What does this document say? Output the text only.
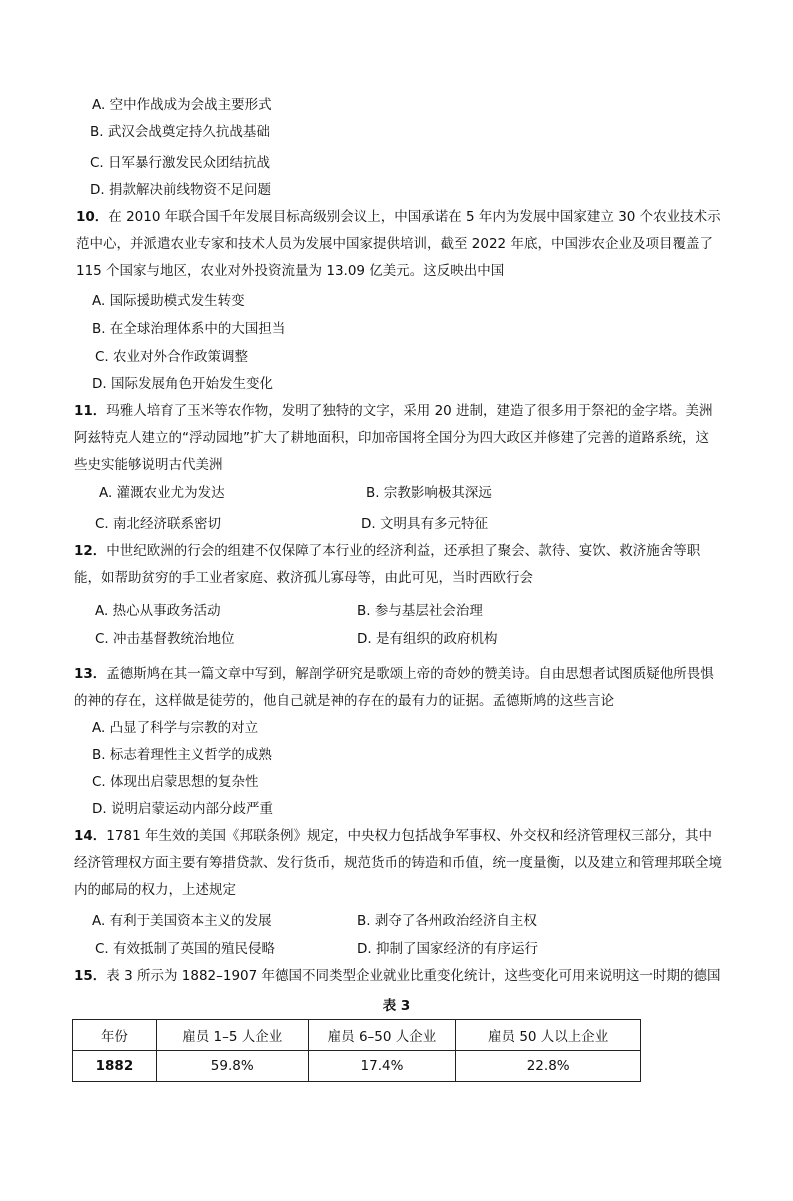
A. 空中作战成为会战主要形式
B. 武汉会战奠定持久抗战基础
C. 日军暴行激发民众团结抗战
D. 捐款解决前线物资不足问题
10．在 2010 年联合国千年发展目标高级别会议上，中国承诺在 5 年内为发展中国家建立 30 个农业技术示范中心，并派遣农业专家和技术人员为发展中国家提供培训，截至 2022 年底，中国涉农企业及项目覆盖了 115 个国家与地区，农业对外投资流量为 13.09 亿美元。这反映出中国
A. 国际援助模式发生转变
B. 在全球治理体系中的大国担当
C. 农业对外合作政策调整
D. 国际发展角色开始发生变化
11．玛雅人培育了玉米等农作物，发明了独特的文字，采用 20 进制，建造了很多用于祭祀的金字塔。美洲阿兹特克人建立的“浮动园地”扩大了耕地面积，印加帝国将全国分为四大政区并修建了完善的道路系统，这些史实能够说明古代美洲
A. 灌溉农业尤为发达	B. 宗教影响极其深远
C. 南北经济联系密切	D. 文明具有多元特征
12．中世纪欧洲的行会的组建不仅保障了本行业的经济利益，还承担了聚会、款待、宴饮、救济施舍等职能，如帮助贫穷的手工业者家庭、救济孤儿寡母等，由此可见，当时西欧行会
A. 热心从事政务活动	B. 参与基层社会治理
C. 冲击基督教统治地位	D. 是有组织的政府机构
13．孟德斯鸠在其一篇文章中写到，解剖学研究是歌颂上帝的奇妙的赞美诗。自由思想者试图质疑他所畏惧的神的存在，这样做是徒劳的，他自己就是神的存在的最有力的证据。孟德斯鸠的这些言论
A. 凸显了科学与宗教的对立
B. 标志着理性主义哲学的成熟
C. 体现出启蒙思想的复杂性
D. 说明启蒙运动内部分歧严重
14．1781 年生效的美国《邦联条例》规定，中央权力包括战争军事权、外交权和经济管理权三部分，其中经济管理权方面主要有筹措贷款、发行货币，规范货币的铸造和币值，统一度量衡，以及建立和管理邦联全境内的邮局的权力，上述规定
A. 有利于美国资本主义的发展	B. 剥夺了各州政治经济自主权
C. 有效抵制了英国的殖民侵略	D. 抑制了国家经济的有序运行
15．表 3 所示为 1882–1907 年德国不同类型企业就业比重变化统计，这些变化可用来说明这一时期的德国
表 3
年份	雇员 1–5 人企业	雇员 6–50 人企业	雇员 50 人以上企业
1882	59.8%	17.4%	22.8%
